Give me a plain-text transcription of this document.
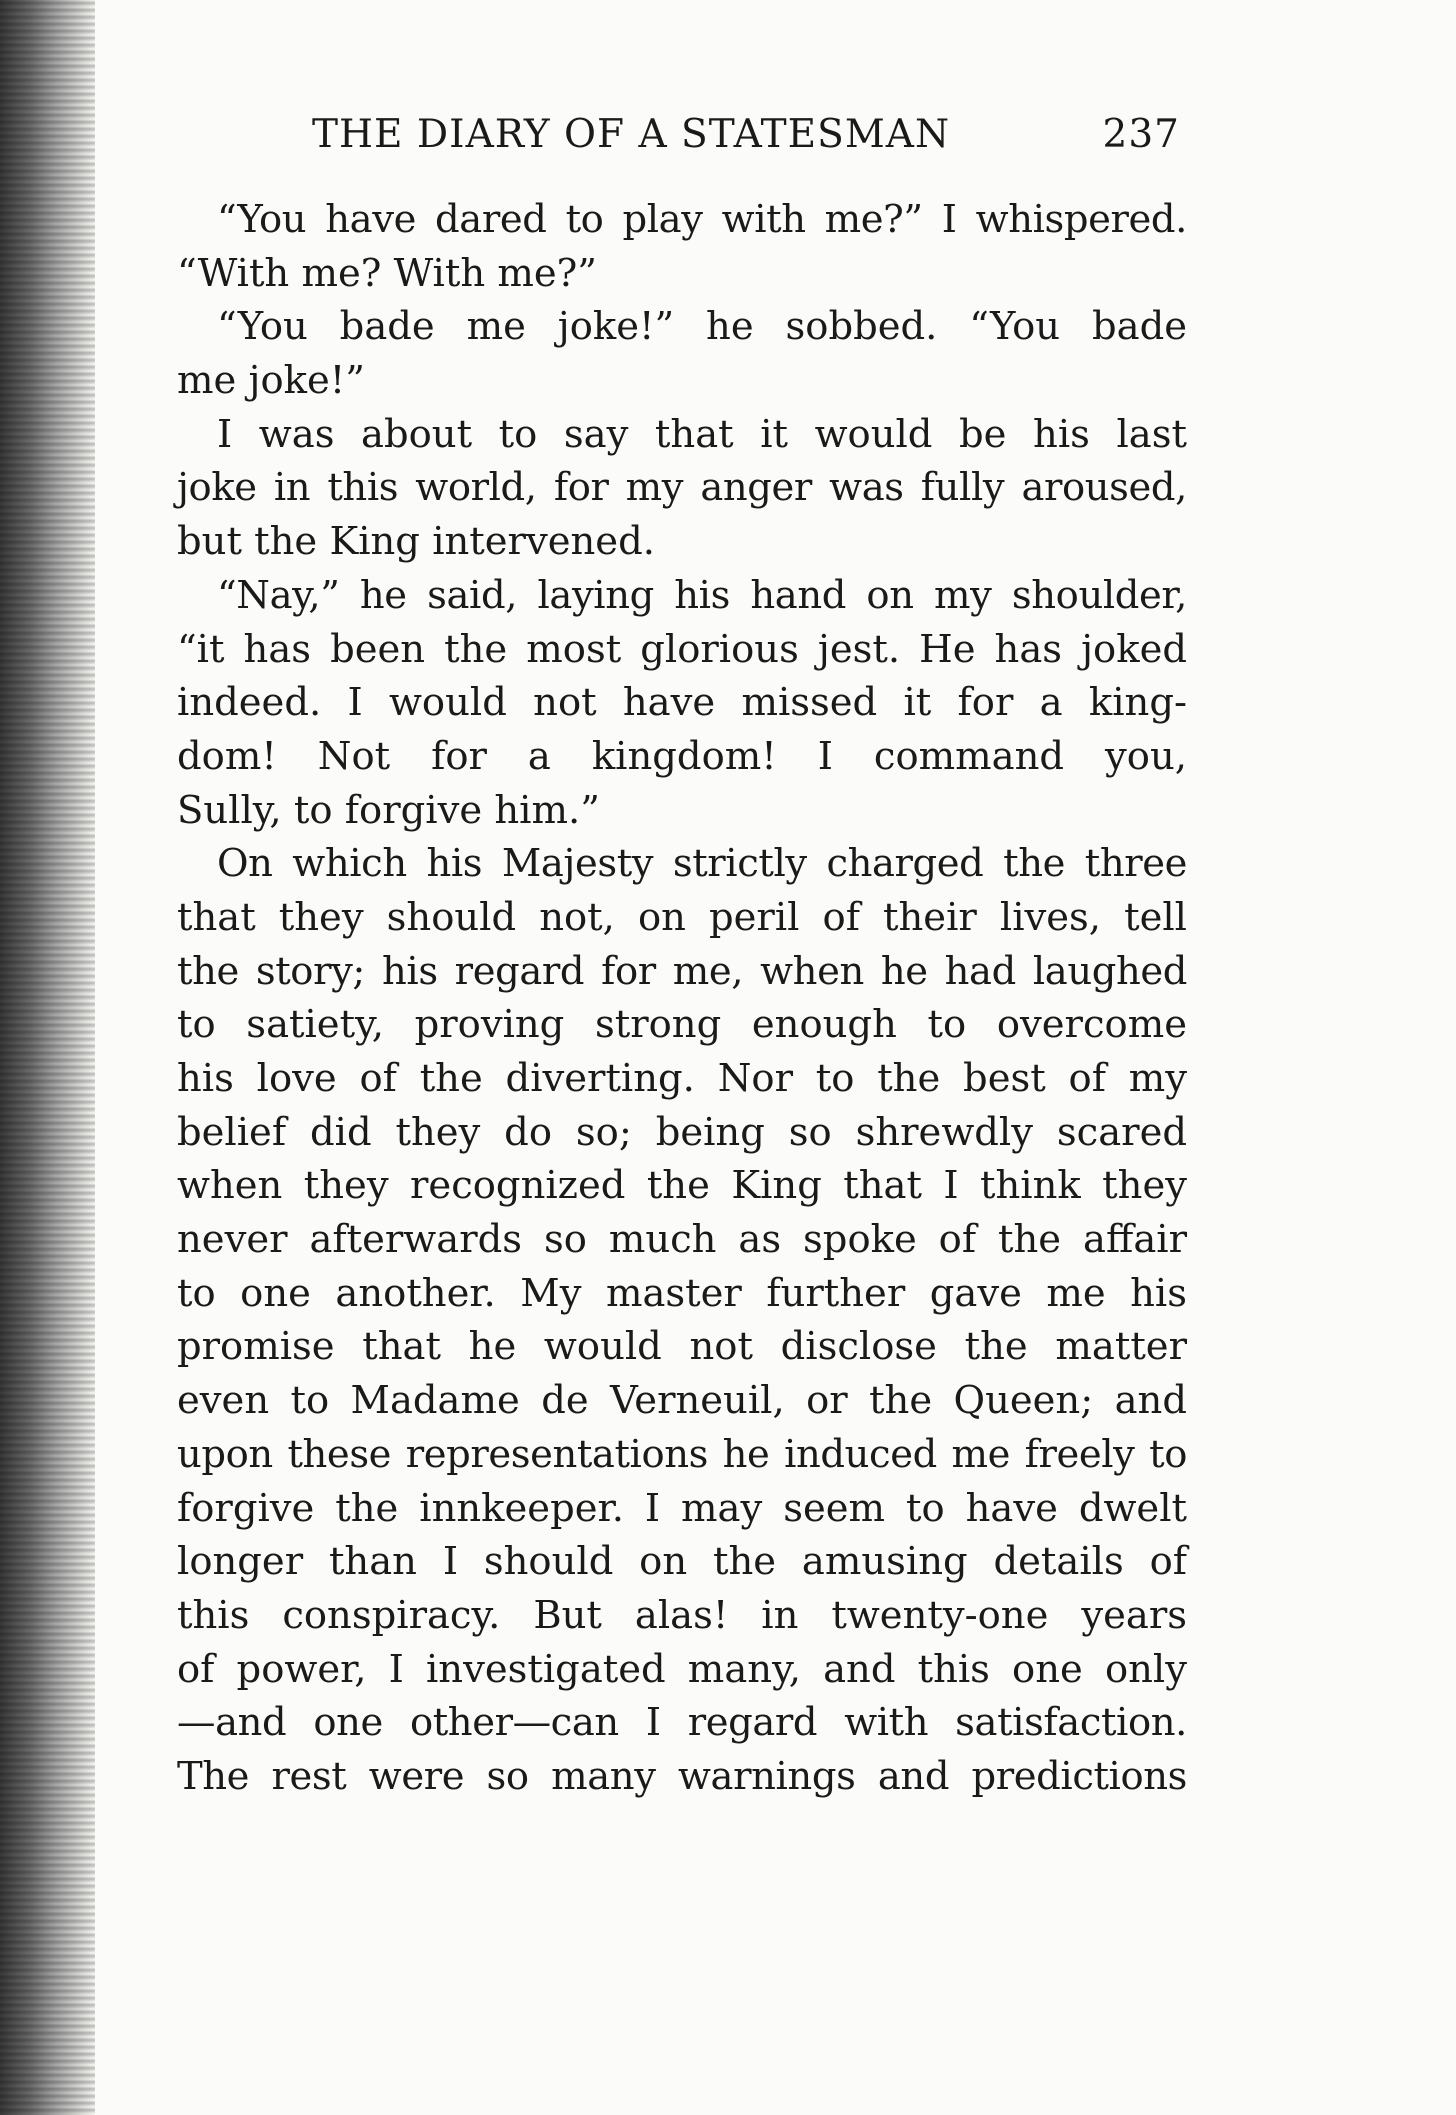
THE DIARY OF A STATESMAN	237
“You have dared to play with me?” I whispered.
“With me? With me?”
“You bade me joke!” he sobbed. “You bade
me joke!”
I was about to say that it would be his last
joke in this world, for my anger was fully aroused,
but the King intervened.
“Nay,” he said, laying his hand on my shoulder,
“it has been the most glorious jest. He has joked
indeed. I would not have missed it for a king-
dom! Not for a kingdom! I command you,
Sully, to forgive him.”
On which his Majesty strictly charged the three
that they should not, on peril of their lives, tell
the story; his regard for me, when he had laughed
to satiety, proving strong enough to overcome
his love of the diverting. Nor to the best of my
belief did they do so; being so shrewdly scared
when they recognized the King that I think they
never afterwards so much as spoke of the affair
to one another. My master further gave me his
promise that he would not disclose the matter
even to Madame de Verneuil, or the Queen; and
upon these representations he induced me freely to
forgive the innkeeper. I may seem to have dwelt
longer than I should on the amusing details of
this conspiracy. But alas! in twenty-one years
of power, I investigated many, and this one only
—and one other—can I regard with satisfaction.
The rest were so many warnings and predictions
